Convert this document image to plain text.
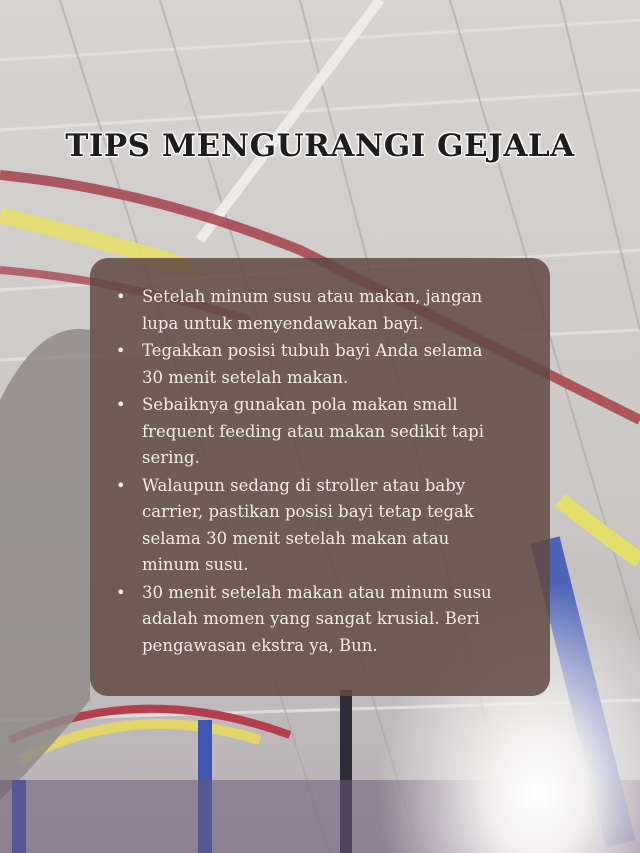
TIPS MENGURANGI GEJALA
• Setelah minum susu atau makan, jangan lupa untuk menyendawakan bayi.
• Tegakkan posisi tubuh bayi Anda selama 30 menit setelah makan.
• Sebaiknya gunakan pola makan small frequent feeding atau makan sedikit tapi sering.
• Walaupun sedang di stroller atau baby carrier, pastikan posisi bayi tetap tegak selama 30 menit setelah makan atau minum susu.
• 30 menit setelah makan atau minum susu adalah momen yang sangat krusial. Beri pengawasan ekstra ya, Bun.
